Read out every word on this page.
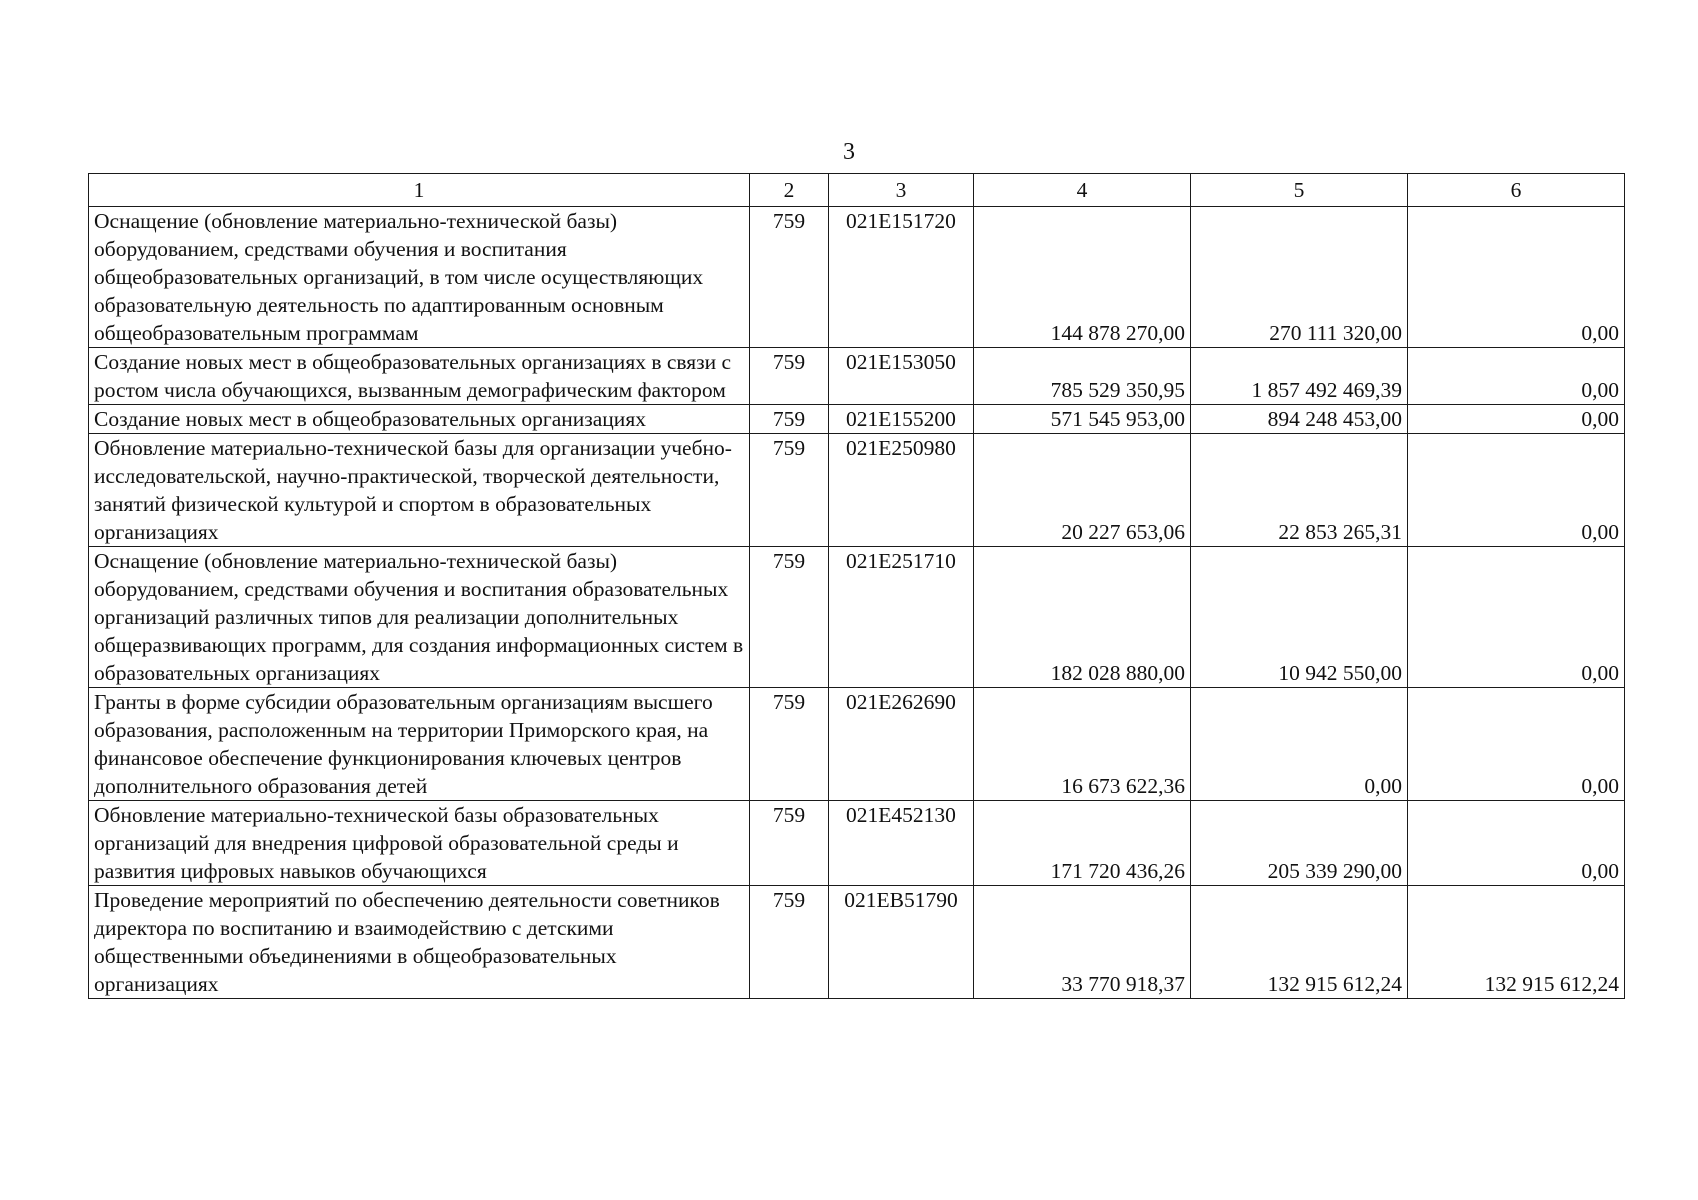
3
1	2	3	4	5	6
Оснащение (обновление материально-технической базы) оборудованием, средствами обучения и воспитания общеобразовательных организаций, в том числе осуществляющих образовательную деятельность по адаптированным основным общеобразовательным программам	759	021E151720	144 878 270,00	270 111 320,00	0,00
Создание новых мест в общеобразовательных организациях в связи с ростом числа обучающихся, вызванным демографическим фактором	759	021E153050	785 529 350,95	1 857 492 469,39	0,00
Создание новых мест в общеобразовательных организациях	759	021E155200	571 545 953,00	894 248 453,00	0,00
Обновление материально-технической базы для организации учебно-исследовательской, научно-практической, творческой деятельности, занятий физической культурой и спортом в образовательных организациях	759	021E250980	20 227 653,06	22 853 265,31	0,00
Оснащение (обновление материально-технической базы) оборудованием, средствами обучения и воспитания образовательных организаций различных типов для реализации дополнительных общеразвивающих программ, для создания информационных систем в образовательных организациях	759	021E251710	182 028 880,00	10 942 550,00	0,00
Гранты в форме субсидии образовательным организациям высшего образования, расположенным на территории Приморского края, на финансовое обеспечение функционирования ключевых центров дополнительного образования детей	759	021E262690	16 673 622,36	0,00	0,00
Обновление материально-технической базы образовательных организаций для внедрения цифровой образовательной среды и развития цифровых навыков обучающихся	759	021E452130	171 720 436,26	205 339 290,00	0,00
Проведение мероприятий по обеспечению деятельности советников директора по воспитанию и взаимодействию с детскими общественными объединениями в общеобразовательных организациях	759	021EB51790	33 770 918,37	132 915 612,24	132 915 612,24
